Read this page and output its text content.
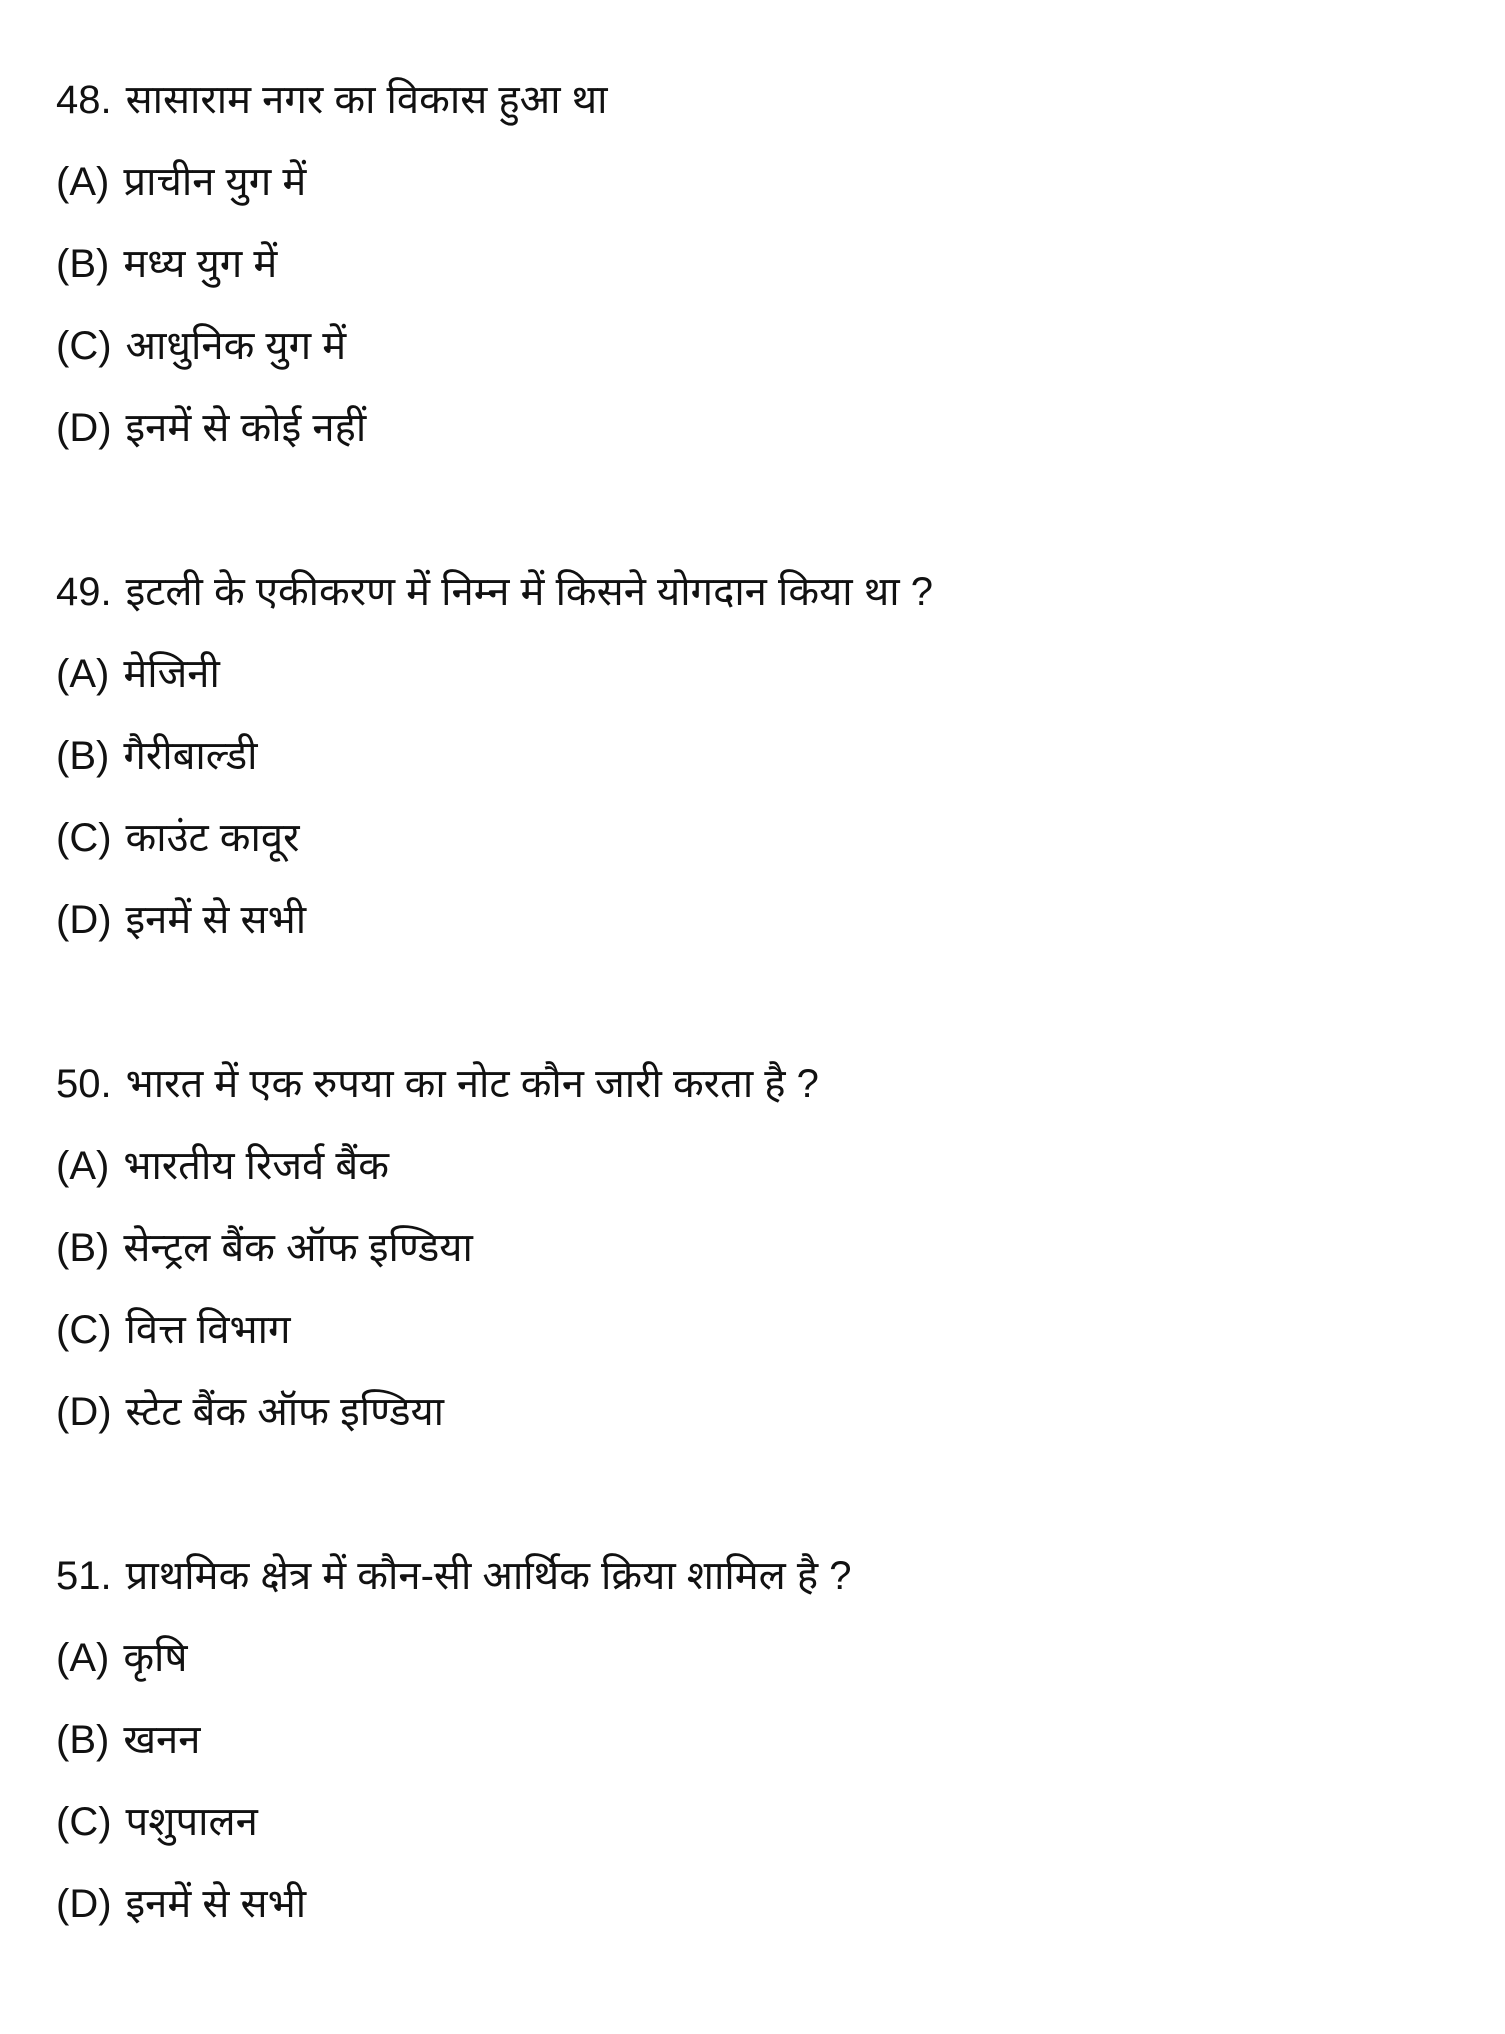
48. सासाराम नगर का विकास हुआ था
(A) प्राचीन युग में
(B) मध्य युग में
(C) आधुनिक युग में
(D) इनमें से कोई नहीं
49. इटली के एकीकरण में निम्न में किसने योगदान किया था ?
(A) मेजिनी
(B) गैरीबाल्डी
(C) काउंट कावूर
(D) इनमें से सभी
50. भारत में एक रुपया का नोट कौन जारी करता है ?
(A) भारतीय रिजर्व बैंक
(B) सेन्ट्रल बैंक ऑफ इण्डिया
(C) वित्त विभाग
(D) स्टेट बैंक ऑफ इण्डिया
51. प्राथमिक क्षेत्र में कौन-सी आर्थिक क्रिया शामिल है ?
(A) कृषि
(B) खनन
(C) पशुपालन
(D) इनमें से सभी
